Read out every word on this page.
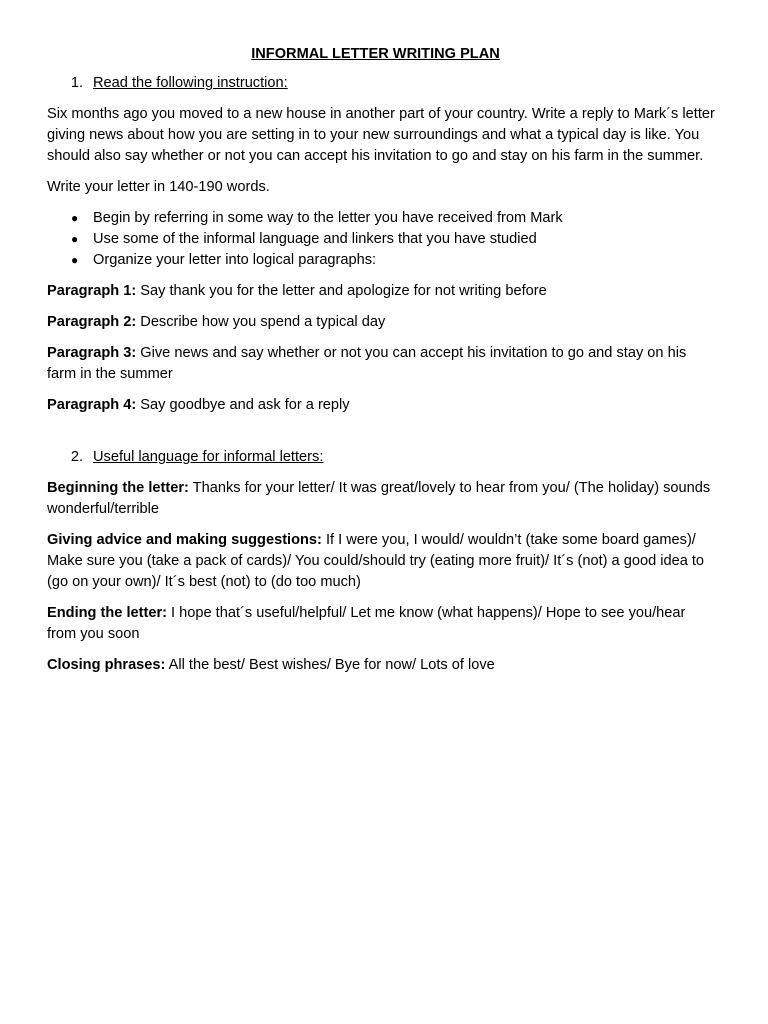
INFORMAL LETTER WRITING PLAN
1. Read the following instruction:

Six months ago you moved to a new house in another part of your country. Write a reply to Mark´s letter giving news about how you are setting in to your new surroundings and what a typical day is like. You should also say whether or not you can accept his invitation to go and stay on his farm in the summer.

Write your letter in 140-190 words.

●	Begin by referring in some way to the letter you have received from Mark
●	Use some of the informal language and linkers that you have studied
●	Organize your letter into logical paragraphs:

Paragraph 1: Say thank you for the letter and apologize for not writing before

Paragraph 2: Describe how you spend a typical day

Paragraph 3: Give news and say whether or not you can accept his invitation to go and stay on his farm in the summer

Paragraph 4: Say goodbye and ask for a reply

2. Useful language for informal letters:

Beginning the letter: Thanks for your letter/ It was great/lovely to hear from you/ (The holiday) sounds wonderful/terrible

Giving advice and making suggestions: If I were you, I would/ wouldn’t (take some board games)/ Make sure you (take a pack of cards)/ You could/should try (eating more fruit)/ It´s (not) a good idea to (go on your own)/ It´s best (not) to (do too much)

Ending the letter: I hope that´s useful/helpful/ Let me know (what happens)/ Hope to see you/hear from you soon

Closing phrases: All the best/ Best wishes/ Bye for now/ Lots of love
